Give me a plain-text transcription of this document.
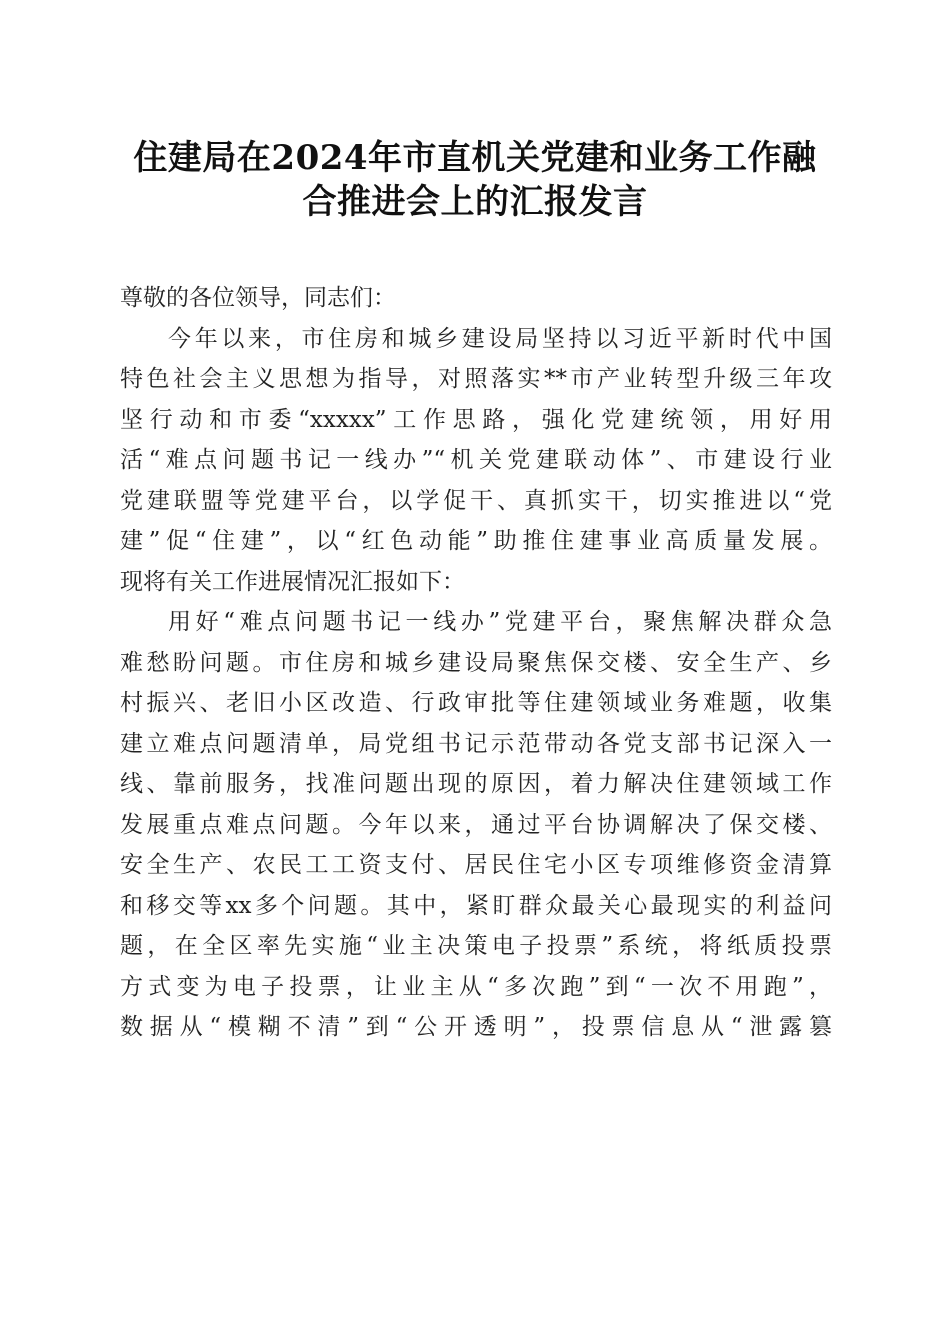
住建局在2024年市直机关党建和业务工作融
合推进会上的汇报发言
尊敬的各位领导，同志们：
今年以来，市住房和城乡建设局坚持以习近平新时代中国
特色社会主义思想为指导，对照落实**市产业转型升级三年攻
坚行动和市委“xxxxx”工作思路，强化党建统领，用好用
活“难点问题书记一线办”“机关党建联动体”、市建设行业
党建联盟等党建平台，以学促干、真抓实干，切实推进以“党
建”促“住建”，以“红色动能”助推住建事业高质量发展。
现将有关工作进展情况汇报如下：
用好“难点问题书记一线办”党建平台，聚焦解决群众急
难愁盼问题。市住房和城乡建设局聚焦保交楼、安全生产、乡
村振兴、老旧小区改造、行政审批等住建领域业务难题，收集
建立难点问题清单，局党组书记示范带动各党支部书记深入一
线、靠前服务，找准问题出现的原因，着力解决住建领域工作
发展重点难点问题。今年以来，通过平台协调解决了保交楼、
安全生产、农民工工资支付、居民住宅小区专项维修资金清算
和移交等xx多个问题。其中，紧盯群众最关心最现实的利益问
题，在全区率先实施“业主决策电子投票”系统，将纸质投票
方式变为电子投票，让业主从“多次跑”到“一次不用跑”，
数据从“模糊不清”到“公开透明”，投票信息从“泄露篡
